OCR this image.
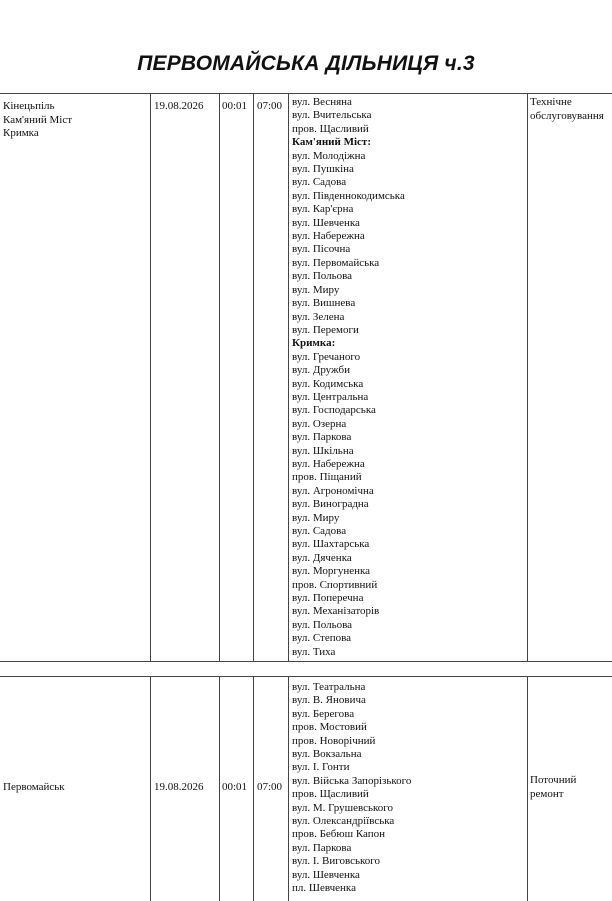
ПЕРВОМАЙСЬКА ДІЛЬНИЦЯ ч.3
Кінецьпіль
Кам'яний Міст
Кримка
19.08.2026 00:01 07:00 вул. Весняна
вул. Вчительська
пров. Щасливий
Кам'яний Міст:
вул. Молодіжна
вул. Пушкіна
вул. Садова
вул. Південнокодимська
вул. Кар'єрна
вул. Шевченка
вул. Набережна
вул. Пісочна
вул. Первомайська
вул. Польова
вул. Миру
вул. Вишнева
вул. Зелена
вул. Перемоги
Кримка:
вул. Гречаного
вул. Дружби
вул. Кодимська
вул. Центральна
вул. Господарська
вул. Озерна
вул. Паркова
вул. Шкільна
вул. Набережна
пров. Піщаний
вул. Агрономічна
вул. Виноградна
вул. Миру
вул. Садова
вул. Шахтарська
вул. Дяченка
вул. Моргуненка
пров. Спортивний
вул. Поперечна
вул. Механізаторів
вул. Польова
вул. Степова
вул. Тиха
Технічне
обслуговування
Первомайськ	19.08.2026 00:01 07:00
вул. Театральна
вул. В. Яновича
вул. Берегова
пров. Мостовий
пров. Новорічний
вул. Вокзальна
вул. І. Гонти
вул. Війська Запорізького
пров. Щасливий
вул. М. Грушевського
вул. Олександріївська
пров. Бебюш Капон
вул. Паркова
вул. І. Виговського
вул. Шевченка
пл. Шевченка
Поточний
ремонт
